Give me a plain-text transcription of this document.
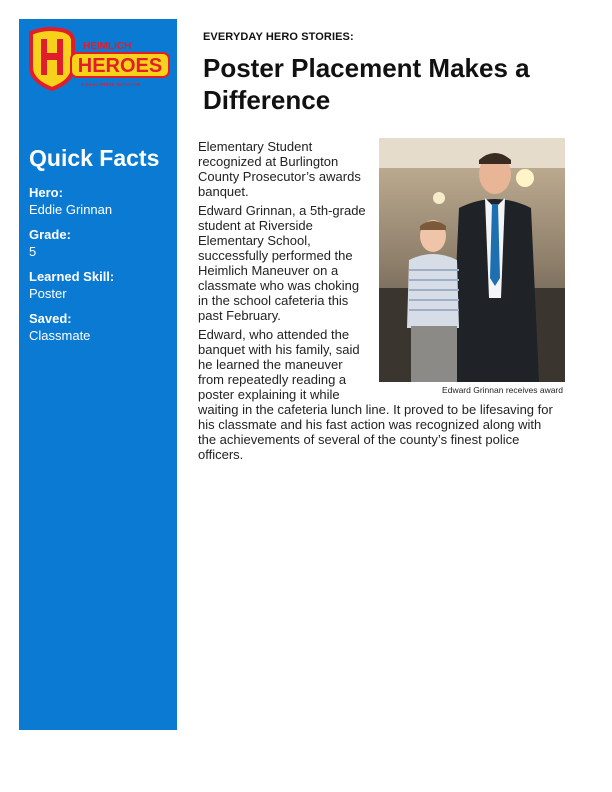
HEROES
HEIMLICH
A DEACONESS INITIATIVE
Quick Facts
Hero:
Eddie Grinnan
Grade:
5
Learned Skill:
Poster
Saved:
Classmate
EVERYDAY HERO STORIES:
Poster Placement Makes a Difference
Edward Grinnan receives award

Elementary Student recognized at Burlington County Prosecutor’s awards banquet.

Edward Grinnan, a 5th-grade student at Riverside Elementary School, successfully performed the Heimlich Maneuver on a classmate who was choking in the school cafeteria this past February.

Edward, who attended the banquet with his family, said he learned the maneuver from repeatedly reading a poster explaining it while waiting in the cafeteria lunch line. It proved to be lifesaving for his classmate and his fast action was recognized along with the achievements of several of the county’s finest police officers.
